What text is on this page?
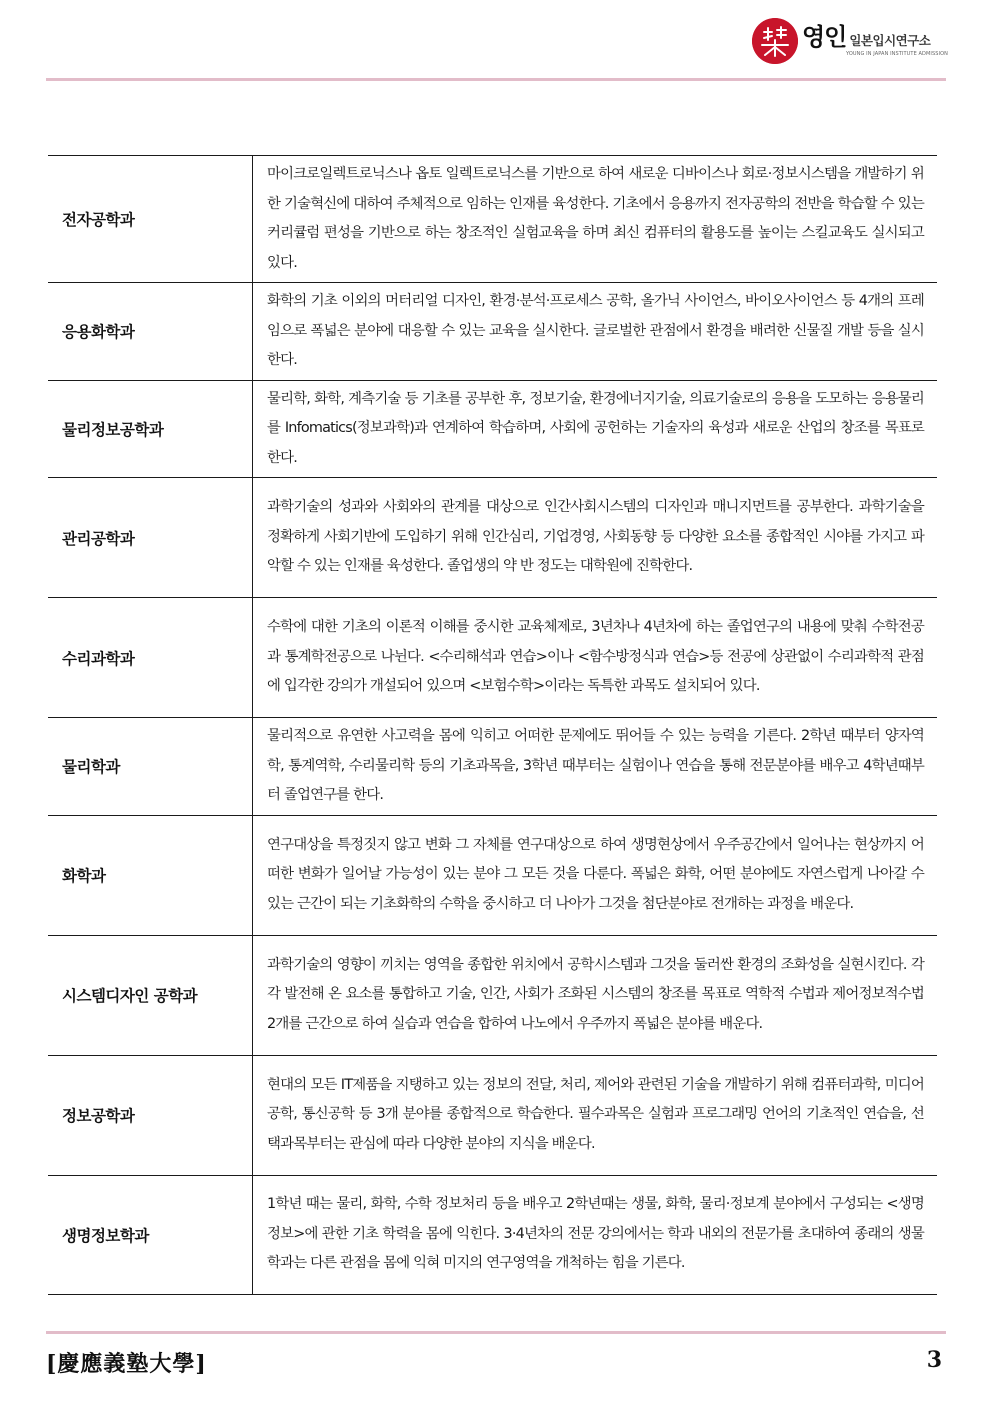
영인 일본입시연구소
YOUNG IN JAPAN INSTITUTE ADMISSION
전자공학과	마이크로일렉트로닉스나 옵토 일렉트로닉스를 기반으로 하여 새로운 디바이스나 회로·정보시스템을 개발하기 위한 기술혁신에 대하여 주체적으로 임하는 인재를 육성한다. 기초에서 응용까지 전자공학의 전반을 학습할 수 있는 커리큘럼 편성을 기반으로 하는 창조적인 실험교육을 하며 최신 컴퓨터의 활용도를 높이는 스킬교육도 실시되고 있다.
응용화학과	화학의 기초 이외의 머터리얼 디자인, 환경·분석·프로세스 공학, 올가닉 사이언스, 바이오사이언스 등 4개의 프레임으로 폭넓은 분야에 대응할 수 있는 교육을 실시한다. 글로벌한 관점에서 환경을 배려한 신물질 개발 등을 실시한다.
물리정보공학과	물리학, 화학, 계측기술 등 기초를 공부한 후, 정보기술, 환경에너지기술, 의료기술로의 응용을 도모하는 응용물리를 Infomatics(정보과학)과 연계하여 학습하며, 사회에 공헌하는 기술자의 육성과 새로운 산업의 창조를 목표로 한다.
관리공학과	과학기술의 성과와 사회와의 관계를 대상으로 인간사회시스템의 디자인과 매니지먼트를 공부한다. 과학기술을 정확하게 사회기반에 도입하기 위해 인간심리, 기업경영, 사회동향 등 다양한 요소를 종합적인 시야를 가지고 파악할 수 있는 인재를 육성한다. 졸업생의 약 반 정도는 대학원에 진학한다.
수리과학과	수학에 대한 기초의 이론적 이해를 중시한 교육체제로, 3년차나 4년차에 하는 졸업연구의 내용에 맞춰 수학전공과 통계학전공으로 나뉜다. <수리해석과 연습>이나 <함수방정식과 연습>등 전공에 상관없이 수리과학적 관점에 입각한 강의가 개설되어 있으며 <보험수학>이라는 독특한 과목도 설치되어 있다.
물리학과	물리적으로 유연한 사고력을 몸에 익히고 어떠한 문제에도 뛰어들 수 있는 능력을 기른다. 2학년 때부터 양자역학, 통계역학, 수리물리학 등의 기초과목을, 3학년 때부터는 실험이나 연습을 통해 전문분야를 배우고 4학년때부터 졸업연구를 한다.
화학과	연구대상을 특정짓지 않고 변화 그 자체를 연구대상으로 하여 생명현상에서 우주공간에서 일어나는 현상까지 어떠한 변화가 일어날 가능성이 있는 분야 그 모든 것을 다룬다. 폭넓은 화학, 어떤 분야에도 자연스럽게 나아갈 수 있는 근간이 되는 기초화학의 수학을 중시하고 더 나아가 그것을 첨단분야로 전개하는 과정을 배운다.
시스템디자인 공학과	과학기술의 영향이 끼치는 영역을 종합한 위치에서 공학시스템과 그것을 둘러싼 환경의 조화성을 실현시킨다. 각각 발전해 온 요소를 통합하고 기술, 인간, 사회가 조화된 시스템의 창조를 목표로 역학적 수법과 제어정보적수법 2개를 근간으로 하여 실습과 연습을 합하여 나노에서 우주까지 폭넓은 분야를 배운다.
정보공학과	현대의 모든 IT제품을 지탱하고 있는 정보의 전달, 처리, 제어와 관련된 기술을 개발하기 위해 컴퓨터과학, 미디어공학, 통신공학 등 3개 분야를 종합적으로 학습한다. 필수과목은 실험과 프로그래밍 언어의 기초적인 연습을, 선택과목부터는 관심에 따라 다양한 분야의 지식을 배운다.
생명정보학과	1학년 때는 물리, 화학, 수학 정보처리 등을 배우고 2학년때는 생물, 화학, 물리·정보계 분야에서 구성되는 <생명정보>에 관한 기초 학력을 몸에 익힌다. 3·4년차의 전문 강의에서는 학과 내외의 전문가를 초대하여 종래의 생물학과는 다른 관점을 몸에 익혀 미지의 연구영역을 개척하는 힘을 기른다.
[慶應義塾大學]	3
